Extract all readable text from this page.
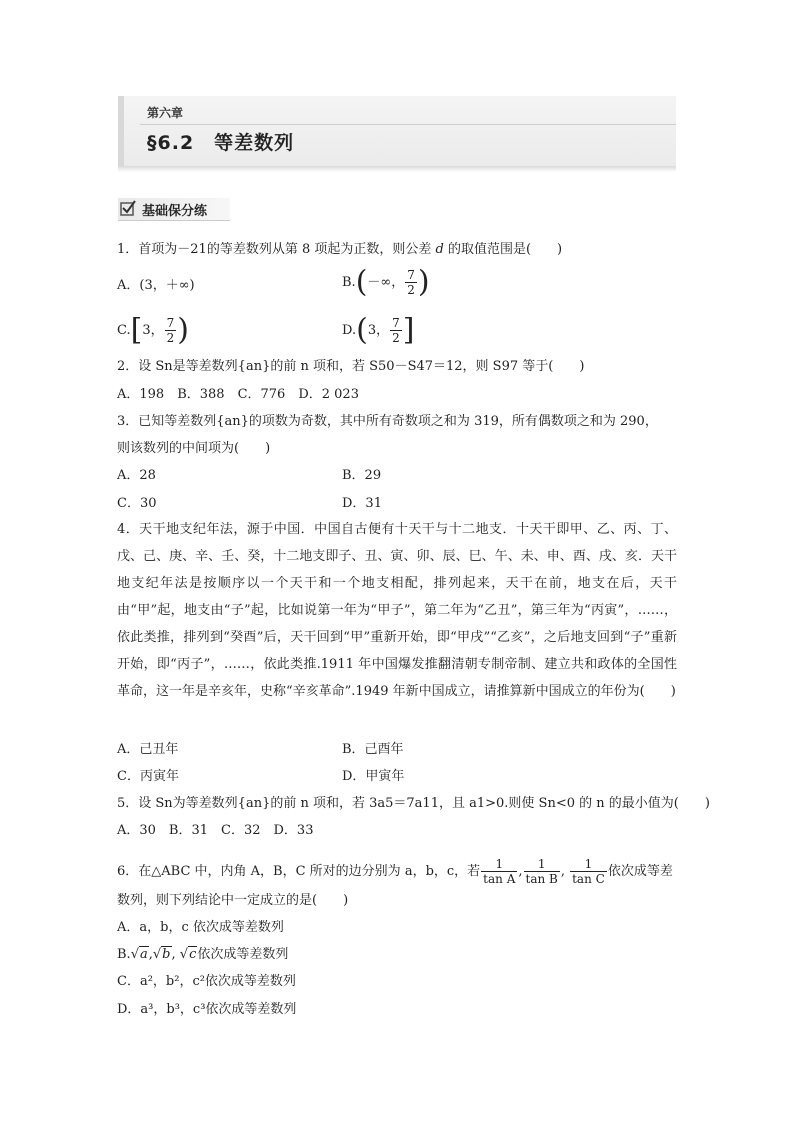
第六章
§6.2　等差数列
基础保分练
1．首项为－21的等差数列从第 8 项起为正数，则公差 d 的取值范围是(　　)
A．(3，＋∞)	B.(－∞， $\frac{7}{2}$ )
C.[3， $\frac{7}{2}$ )	D.(3， $\frac{7}{2}$ ]
2．设 Sn是等差数列{an}的前 n 项和，若 S50－S47＝12，则 S97 等于(　　)
A．198　B．388　C．776　D．2 023
3．已知等差数列{an}的项数为奇数，其中所有奇数项之和为 319，所有偶数项之和为 290，
则该数列的中间项为(　　)
A．28	B．29
C．30	D．31
4．天干地支纪年法，源于中国．中国自古便有十天干与十二地支．十天干即甲、乙、丙、丁、戊、己、庚、辛、壬、癸，十二地支即子、丑、寅、卯、辰、巳、午、未、申、酉、戌、亥．天干地支纪年法是按顺序以一个天干和一个地支相配，排列起来，天干在前，地支在后，天干由“甲”起，地支由“子”起，比如说第一年为“甲子”，第二年为“乙丑”，第三年为“丙寅”，……，依此类推，排列到“癸酉”后，天干回到“甲”重新开始，即“甲戌”“乙亥”，之后地支回到“子”重新开始，即“丙子”，……，依此类推.1911 年中国爆发推翻清朝专制帝制、建立共和政体的全国性革命，这一年是辛亥年，史称“辛亥革命”.1949 年新中国成立，请推算新中国成立的年份为(　　)
A．己丑年	B．己酉年
C．丙寅年	D．甲寅年
5．设 Sn为等差数列{an}的前 n 项和，若 3a5＝7a11，且 a1>0.则使 Sn<0 的 n 的最小值为(　　)
A．30　B．31　C．32　D．33
6．在△ABC 中，内角 A，B，C 所对的边分别为 a，b，c，若 $\frac{1}{\text{tan A}}$ , $\frac{1}{\text{tan B}}$ , $\frac{1}{\text{tan C}}$ 依次成等差
数列，则下列结论中一定成立的是(　　)
A．a，b，c 依次成等差数列
B.√a,√b, √c依次成等差数列
C．a²，b²，c²依次成等差数列
D．a³，b³，c³依次成等差数列
